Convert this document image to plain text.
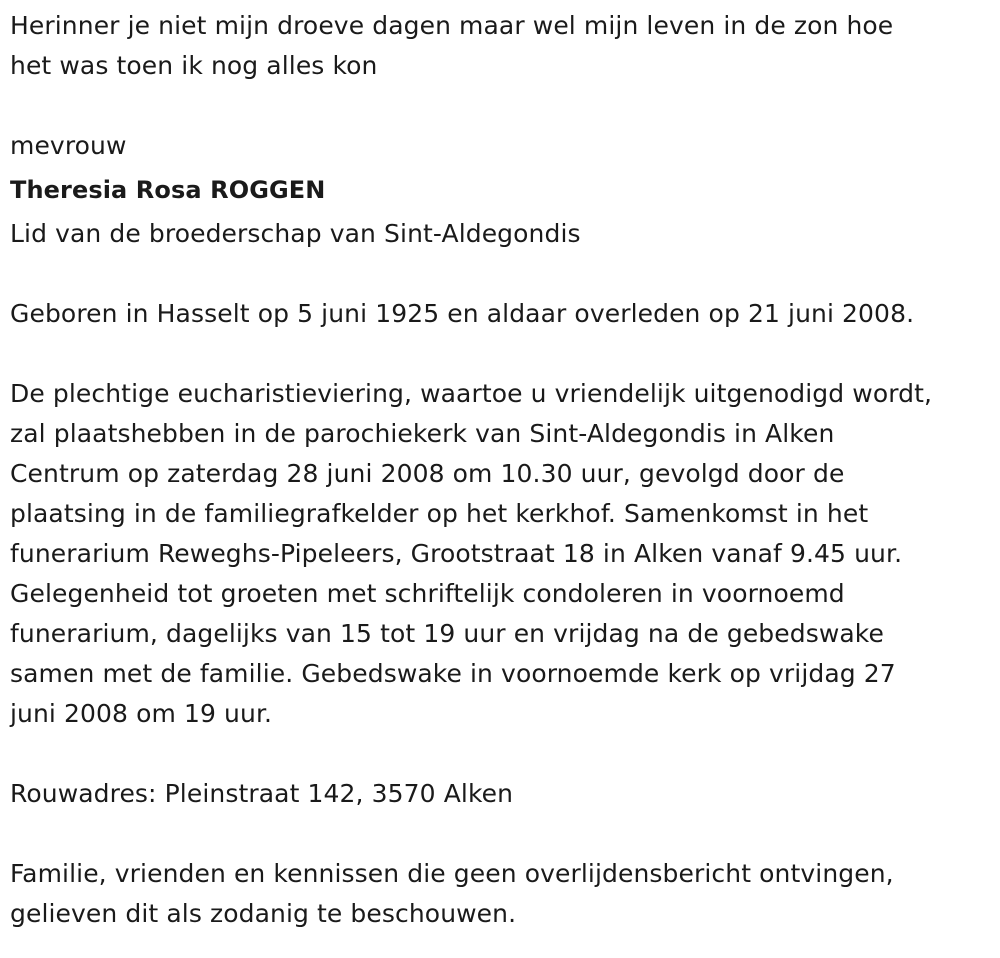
Herinner je niet mijn droeve dagen maar wel mijn leven in de zon hoe
het was toen ik nog alles kon
mevrouw
Theresia Rosa ROGGEN
Lid van de broederschap van Sint-Aldegondis
Geboren in Hasselt op 5 juni 1925 en aldaar overleden op 21 juni 2008.
De plechtige eucharistieviering, waartoe u vriendelijk uitgenodigd wordt,
zal plaatshebben in de parochiekerk van Sint-Aldegondis in Alken
Centrum op zaterdag 28 juni 2008 om 10.30 uur, gevolgd door de
plaatsing in de familiegrafkelder op het kerkhof. Samenkomst in het
funerarium Reweghs-Pipeleers, Grootstraat 18 in Alken vanaf 9.45 uur.
Gelegenheid tot groeten met schriftelijk condoleren in voornoemd
funerarium, dagelijks van 15 tot 19 uur en vrijdag na de gebedswake
samen met de familie. Gebedswake in voornoemde kerk op vrijdag 27
juni 2008 om 19 uur.
Rouwadres: Pleinstraat 142, 3570 Alken
Familie, vrienden en kennissen die geen overlijdensbericht ontvingen,
gelieven dit als zodanig te beschouwen.
